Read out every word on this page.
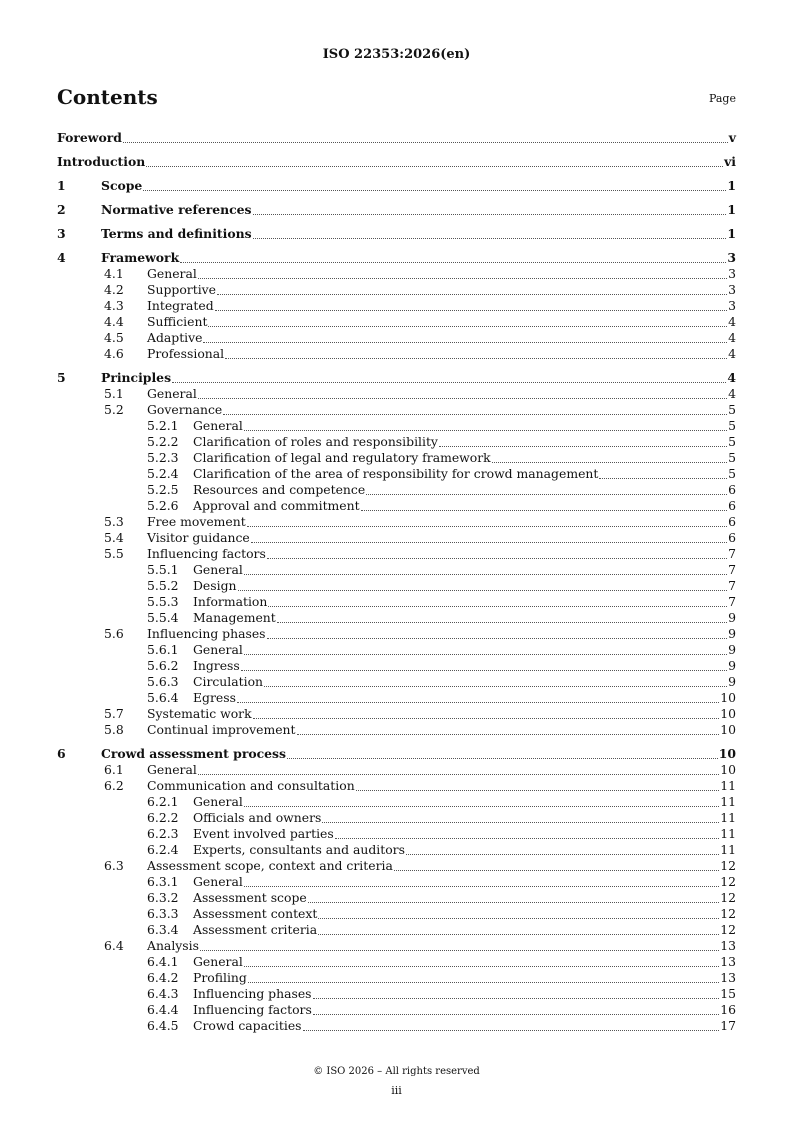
ISO 22353:2026(en)

Contents	Page

Foreword	v
Introduction	vi
1	Scope	1
2	Normative references	1
3	Terms and definitions	1
4	Framework	3
4.1	General	3
4.2	Supportive	3
4.3	Integrated	3
4.4	Sufficient	4
4.5	Adaptive	4
4.6	Professional	4
5	Principles	4
5.1	General	4
5.2	Governance	5
5.2.1	General	5
5.2.2	Clarification of roles and responsibility	5
5.2.3	Clarification of legal and regulatory framework	5
5.2.4	Clarification of the area of responsibility for crowd management	5
5.2.5	Resources and competence	6
5.2.6	Approval and commitment	6
5.3	Free movement	6
5.4	Visitor guidance	6
5.5	Influencing factors	7
5.5.1	General	7
5.5.2	Design	7
5.5.3	Information	7
5.5.4	Management	9
5.6	Influencing phases	9
5.6.1	General	9
5.6.2	Ingress	9
5.6.3	Circulation	9
5.6.4	Egress	10
5.7	Systematic work	10
5.8	Continual improvement	10
6	Crowd assessment process	10
6.1	General	10
6.2	Communication and consultation	11
6.2.1	General	11
6.2.2	Officials and owners	11
6.2.3	Event involved parties	11
6.2.4	Experts, consultants and auditors	11
6.3	Assessment scope, context and criteria	12
6.3.1	General	12
6.3.2	Assessment scope	12
6.3.3	Assessment context	12
6.3.4	Assessment criteria	12
6.4	Analysis	13
6.4.1	General	13
6.4.2	Profiling	13
6.4.3	Influencing phases	15
6.4.4	Influencing factors	16
6.4.5	Crowd capacities	17

© ISO 2026 – All rights reserved

iii
